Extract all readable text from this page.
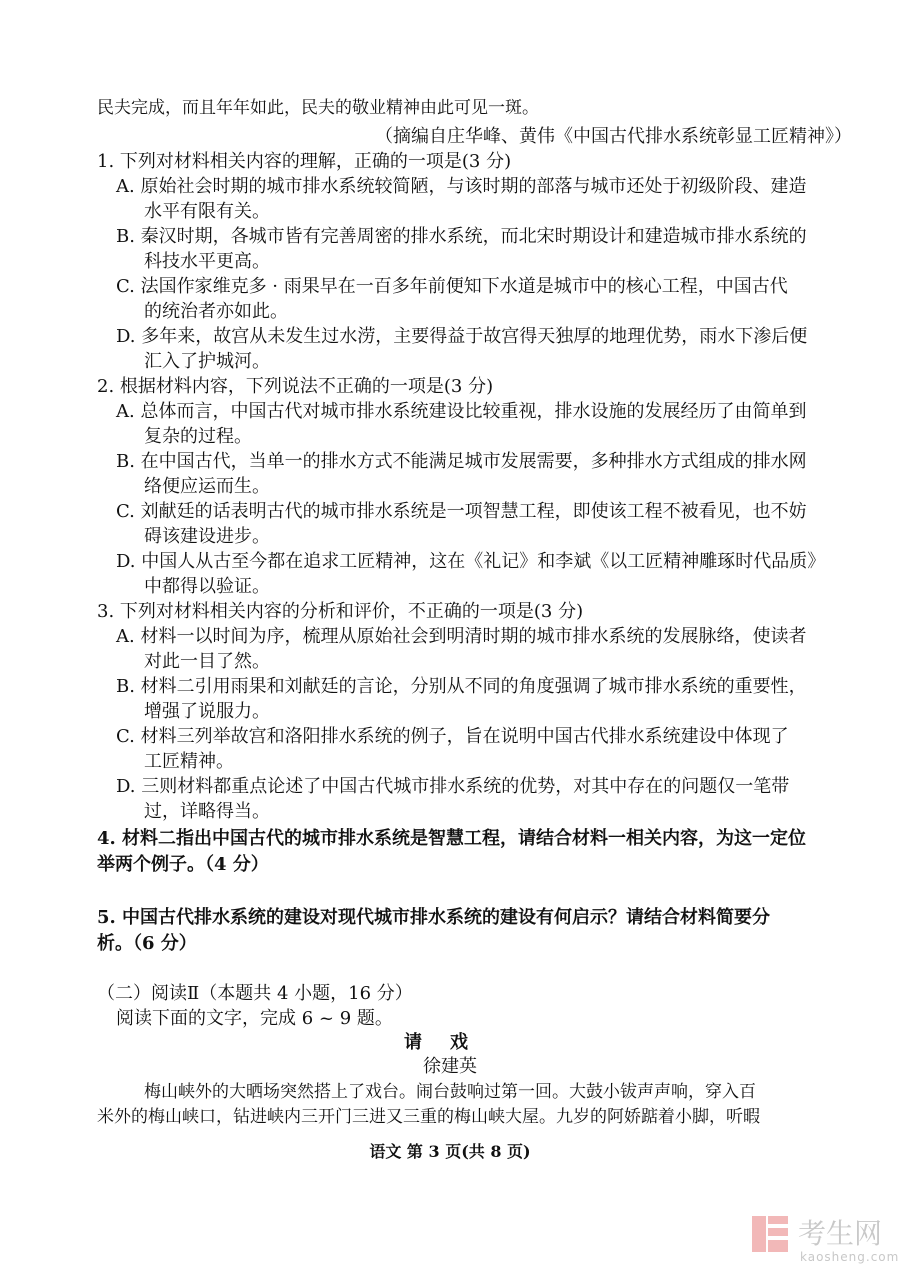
民夫完成，而且年年如此，民夫的敬业精神由此可见一斑。
（摘编自庄华峰、黄伟《中国古代排水系统彰显工匠精神》）
1. 下列对材料相关内容的理解，正确的一项是(3 分)
A. 原始社会时期的城市排水系统较简陋，与该时期的部落与城市还处于初级阶段、建造
水平有限有关。
B. 秦汉时期，各城市皆有完善周密的排水系统，而北宋时期设计和建造城市排水系统的
科技水平更高。
C. 法国作家维克多 · 雨果早在一百多年前便知下水道是城市中的核心工程，中国古代
的统治者亦如此。
D. 多年来，故宫从未发生过水涝，主要得益于故宫得天独厚的地理优势，雨水下渗后便
汇入了护城河。
2. 根据材料内容，下列说法不正确的一项是(3 分)
A. 总体而言，中国古代对城市排水系统建设比较重视，排水设施的发展经历了由简单到
复杂的过程。
B. 在中国古代，当单一的排水方式不能满足城市发展需要，多种排水方式组成的排水网
络便应运而生。
C. 刘献廷的话表明古代的城市排水系统是一项智慧工程，即使该工程不被看见，也不妨
碍该建设进步。
D. 中国人从古至今都在追求工匠精神，这在《礼记》和李斌《以工匠精神雕琢时代品质》
中都得以验证。
3. 下列对材料相关内容的分析和评价，不正确的一项是(3 分)
A. 材料一以时间为序，梳理从原始社会到明清时期的城市排水系统的发展脉络，使读者
对此一目了然。
B. 材料二引用雨果和刘献廷的言论，分别从不同的角度强调了城市排水系统的重要性，
增强了说服力。
C. 材料三列举故宫和洛阳排水系统的例子，旨在说明中国古代排水系统建设中体现了
工匠精神。
D. 三则材料都重点论述了中国古代城市排水系统的优势，对其中存在的问题仅一笔带
过，详略得当。
4. 材料二指出中国古代的城市排水系统是智慧工程，请结合材料一相关内容，为这一定位
举两个例子。（4 分）
5. 中国古代排水系统的建设对现代城市排水系统的建设有何启示？请结合材料简要分
析。（6 分）
（二）阅读Ⅱ（本题共 4 小题，16 分）
阅读下面的文字，完成 6 ~ 9 题。
请戏
徐建英
梅山峡外的大晒场突然搭上了戏台。闹台鼓响过第一回。大鼓小钹声声响，穿入百
米外的梅山峡口，钻进峡内三开门三进又三重的梅山峡大屋。九岁的阿娇踮着小脚，听暇
语文 第 3 页(共 8 页)
考生网
kaosheng.com
